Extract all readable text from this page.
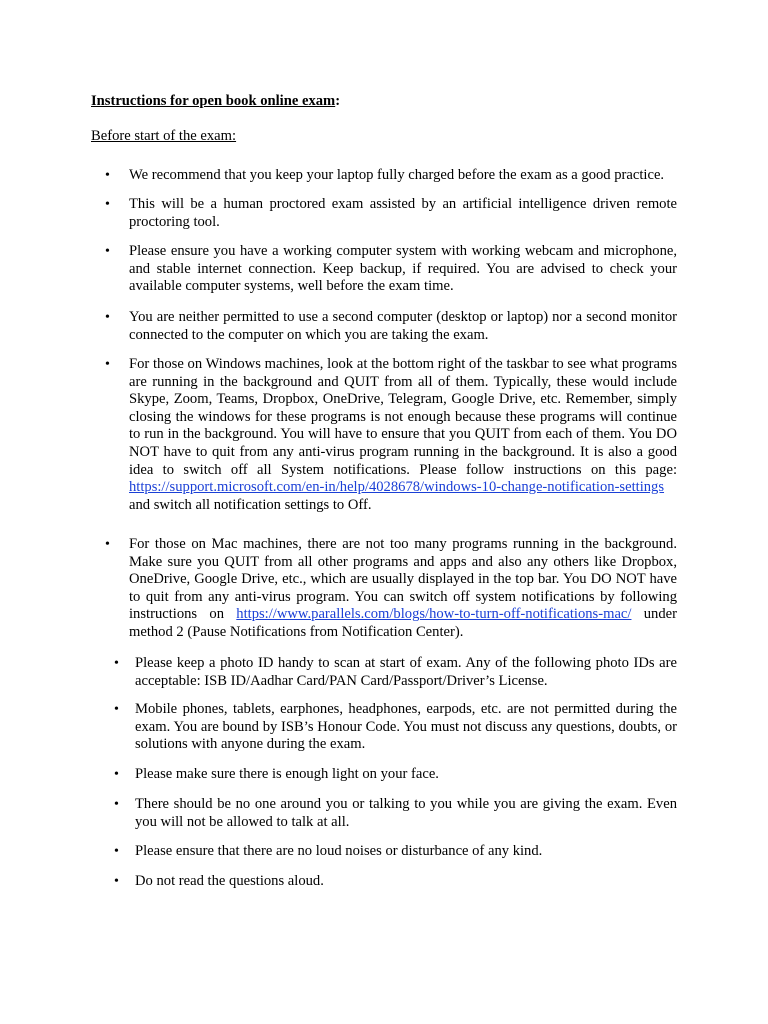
Instructions for open book online exam:

Before start of the exam:

• We recommend that you keep your laptop fully charged before the exam as a good practice.

• This will be a human proctored exam assisted by an artificial intelligence driven remote proctoring tool.

• Please ensure you have a working computer system with working webcam and microphone, and stable internet connection. Keep backup, if required. You are advised to check your available computer systems, well before the exam time.

• You are neither permitted to use a second computer (desktop or laptop) nor a second monitor connected to the computer on which you are taking the exam.

• For those on Windows machines, look at the bottom right of the taskbar to see what programs are running in the background and QUIT from all of them. Typically, these would include Skype, Zoom, Teams, Dropbox, OneDrive, Telegram, Google Drive, etc. Remember, simply closing the windows for these programs is not enough because these programs will continue to run in the background. You will have to ensure that you QUIT from each of them. You DO NOT have to quit from any anti-virus program running in the background. It is also a good idea to switch off all System notifications. Please follow instructions on this page: https://support.microsoft.com/en-in/help/4028678/windows-10-change-notification-settings and switch all notification settings to Off.

• For those on Mac machines, there are not too many programs running in the background. Make sure you QUIT from all other programs and apps and also any others like Dropbox, OneDrive, Google Drive, etc., which are usually displayed in the top bar. You DO NOT have to quit from any anti-virus program. You can switch off system notifications by following instructions on https://www.parallels.com/blogs/how-to-turn-off-notifications-mac/ under method 2 (Pause Notifications from Notification Center).

• Please keep a photo ID handy to scan at start of exam. Any of the following photo IDs are acceptable: ISB ID/Aadhar Card/PAN Card/Passport/Driver’s License.

• Mobile phones, tablets, earphones, headphones, earpods, etc. are not permitted during the exam. You are bound by ISB’s Honour Code. You must not discuss any questions, doubts, or solutions with anyone during the exam.

• Please make sure there is enough light on your face.

• There should be no one around you or talking to you while you are giving the exam. Even you will not be allowed to talk at all.

• Please ensure that there are no loud noises or disturbance of any kind.

• Do not read the questions aloud.
